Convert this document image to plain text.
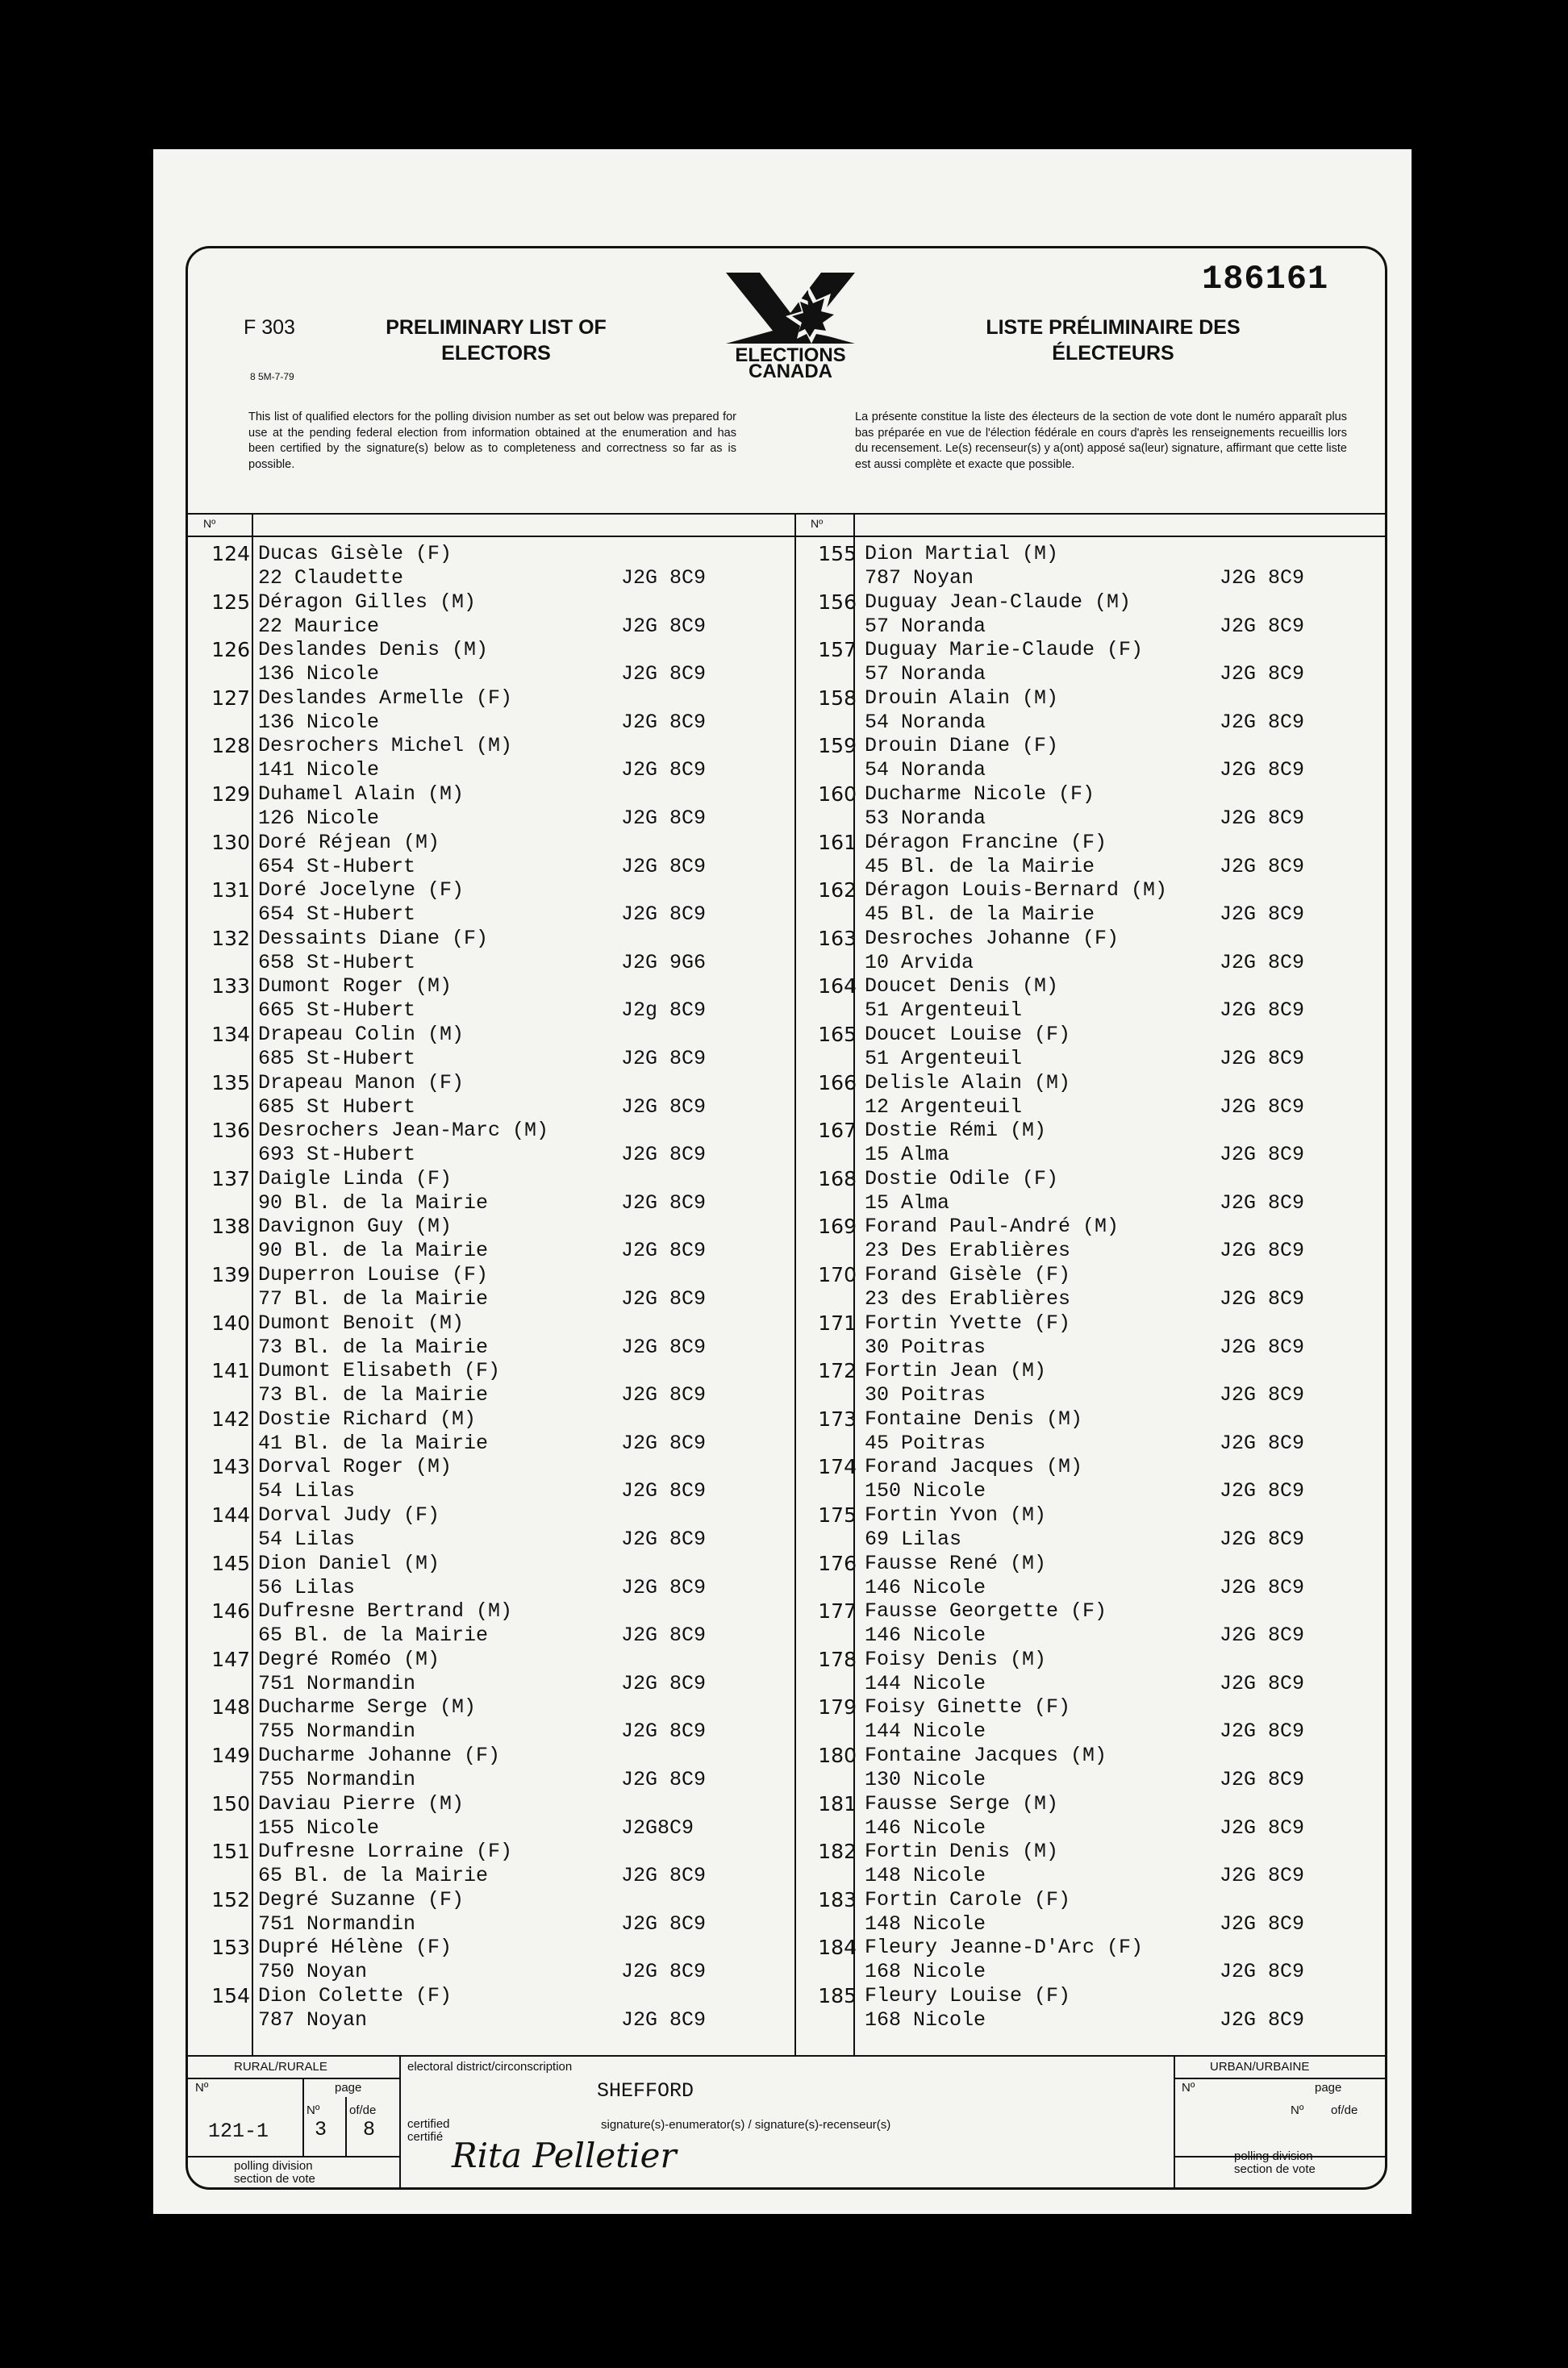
F 303
8 5M-7-79
PRELIMINARY LIST OF ELECTORS
LISTE PRÉLIMINAIRE DES ÉLECTEURS
186161
ELECTIONS
CANADA
This list of qualified electors for the polling division number as set out below was prepared for use at the pending federal election from information obtained at the enumeration and has been certified by the signature(s) below as to completeness and correctness so far as is possible.
La présente constitue la liste des électeurs de la section de vote dont le numéro apparaît plus bas préparée en vue de l'élection fédérale en cours d'après les renseignements recueillis lors du recensement. Le(s) recenseur(s) y a(ont) apposé sa(leur) signature, affirmant que cette liste est aussi complète et exacte que possible.
Nº	Nº
124 Ducas Gisèle (F)
22 Claudette	J2G 8C9
125 Déragon Gilles (M)
22 Maurice	J2G 8C9
126 Deslandes Denis (M)
136 Nicole	J2G 8C9
127 Deslandes Armelle (F)
136 Nicole	J2G 8C9
128 Desrochers Michel (M)
141 Nicole	J2G 8C9
129 Duhamel Alain (M)
126 Nicole	J2G 8C9
130 Doré Réjean (M)
654 St-Hubert	J2G 8C9
131 Doré Jocelyne (F)
654 St-Hubert	J2G 8C9
132 Dessaints Diane (F)
658 St-Hubert	J2G 9G6
133 Dumont Roger (M)
665 St-Hubert	J2g 8C9
134 Drapeau Colin (M)
685 St-Hubert	J2G 8C9
135 Drapeau Manon (F)
685 St Hubert	J2G 8C9
136 Desrochers Jean-Marc (M)
693 St-Hubert	J2G 8C9
137 Daigle Linda (F)
90 Bl. de la Mairie	J2G 8C9
138 Davignon Guy (M)
90 Bl. de la Mairie	J2G 8C9
139 Duperron Louise (F)
77 Bl. de la Mairie	J2G 8C9
140 Dumont Benoit (M)
73 Bl. de la Mairie	J2G 8C9
141 Dumont Elisabeth (F)
73 Bl. de la Mairie	J2G 8C9
142 Dostie Richard (M)
41 Bl. de la Mairie	J2G 8C9
143 Dorval Roger (M)
54 Lilas	J2G 8C9
144 Dorval Judy (F)
54 Lilas	J2G 8C9
145 Dion Daniel (M)
56 Lilas	J2G 8C9
146 Dufresne Bertrand (M)
65 Bl. de la Mairie	J2G 8C9
147 Degré Roméo (M)
751 Normandin	J2G 8C9
148 Ducharme Serge (M)
755 Normandin	J2G 8C9
149 Ducharme Johanne (F)
755 Normandin	J2G 8C9
150 Daviau Pierre (M)
155 Nicole	J2G8C9
151 Dufresne Lorraine (F)
65 Bl. de la Mairie	J2G 8C9
152 Degré Suzanne (F)
751 Normandin	J2G 8C9
153 Dupré Hélène (F)
750 Noyan	J2G 8C9
154 Dion Colette (F)
787 Noyan	J2G 8C9
155 Dion Martial (M)
787 Noyan	J2G 8C9
156 Duguay Jean-Claude (M)
57 Noranda	J2G 8C9
157 Duguay Marie-Claude (F)
57 Noranda	J2G 8C9
158 Drouin Alain (M)
54 Noranda	J2G 8C9
159 Drouin Diane (F)
54 Noranda	J2G 8C9
160 Ducharme Nicole (F)
53 Noranda	J2G 8C9
161 Déragon Francine (F)
45 Bl. de la Mairie	J2G 8C9
162 Déragon Louis-Bernard (M)
45 Bl. de la Mairie	J2G 8C9
163 Desroches Johanne (F)
10 Arvida	J2G 8C9
164 Doucet Denis (M)
51 Argenteuil	J2G 8C9
165 Doucet Louise (F)
51 Argenteuil	J2G 8C9
166 Delisle Alain (M)
12 Argenteuil	J2G 8C9
167 Dostie Rémi (M)
15 Alma	J2G 8C9
168 Dostie Odile (F)
15 Alma	J2G 8C9
169 Forand Paul-André (M)
23 Des Erablières	J2G 8C9
170 Forand Gisèle (F)
23 des Erablières	J2G 8C9
171 Fortin Yvette (F)
30 Poitras	J2G 8C9
172 Fortin Jean (M)
30 Poitras	J2G 8C9
173 Fontaine Denis (M)
45 Poitras	J2G 8C9
174 Forand Jacques (M)
150 Nicole	J2G 8C9
175 Fortin Yvon (M)
69 Lilas	J2G 8C9
176 Fausse René (M)
146 Nicole	J2G 8C9
177 Fausse Georgette (F)
146 Nicole	J2G 8C9
178 Foisy Denis (M)
144 Nicole	J2G 8C9
179 Foisy Ginette (F)
144 Nicole	J2G 8C9
180 Fontaine Jacques (M)
130 Nicole	J2G 8C9
181 Fausse Serge (M)
146 Nicole	J2G 8C9
182 Fortin Denis (M)
148 Nicole	J2G 8C9
183 Fortin Carole (F)
148 Nicole	J2G 8C9
184 Fleury Jeanne-D'Arc (F)
168 Nicole	J2G 8C9
185 Fleury Louise (F)
168 Nicole	J2G 8C9
RURAL/RURALE	URBAN/URBAINE
Nº	page
Nº of/de
121-1 3 8
polling division
section de vote
electoral district/circonscription
SHEFFORD
certified
certifié
signature(s)-enumerator(s) / signature(s)-recenseur(s)
Rita Pelletier
Nº	page
Nº of/de
polling division
section de vote
